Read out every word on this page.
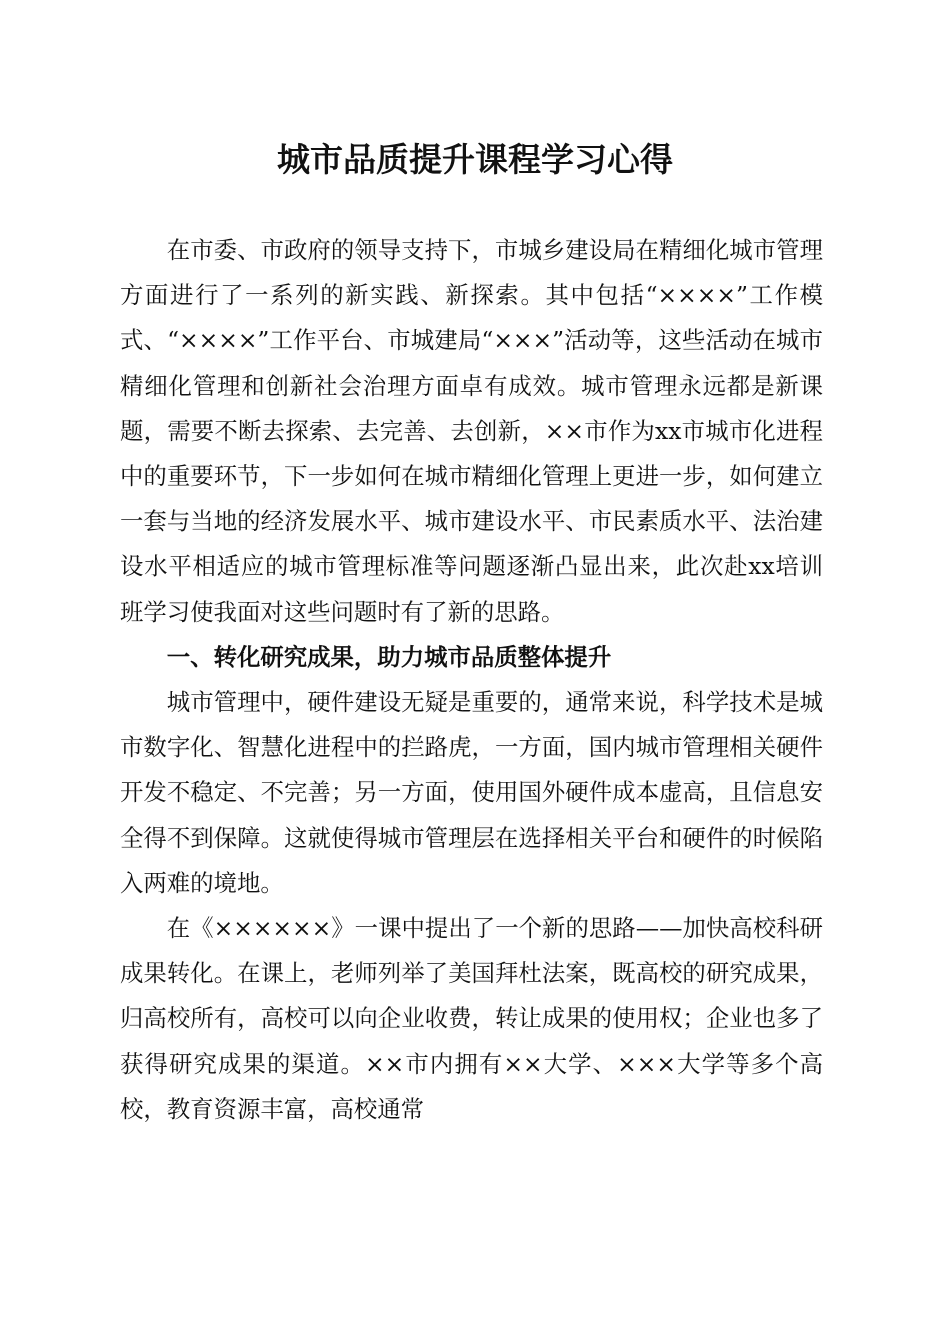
城市品质提升课程学习心得

在市委、市政府的领导支持下，市城乡建设局在精细化城市管理方面进行了一系列的新实践、新探索。其中包括“××××”工作模式、“××××”工作平台、市城建局“×××”活动等，这些活动在城市精细化管理和创新社会治理方面卓有成效。城市管理永远都是新课题，需要不断去探索、去完善、去创新，××市作为xx市城市化进程中的重要环节，下一步如何在城市精细化管理上更进一步，如何建立一套与当地的经济发展水平、城市建设水平、市民素质水平、法治建设水平相适应的城市管理标准等问题逐渐凸显出来，此次赴xx培训班学习使我面对这些问题时有了新的思路。

一、转化研究成果，助力城市品质整体提升

城市管理中，硬件建设无疑是重要的，通常来说，科学技术是城市数字化、智慧化进程中的拦路虎，一方面，国内城市管理相关硬件开发不稳定、不完善；另一方面，使用国外硬件成本虚高，且信息安全得不到保障。这就使得城市管理层在选择相关平台和硬件的时候陷入两难的境地。

在《××××××》一课中提出了一个新的思路——加快高校科研成果转化。在课上，老师列举了美国拜杜法案，既高校的研究成果，归高校所有，高校可以向企业收费，转让成果的使用权；企业也多了获得研究成果的渠道。××市内拥有××大学、×××大学等多个高校，教育资源丰富，高校通常
